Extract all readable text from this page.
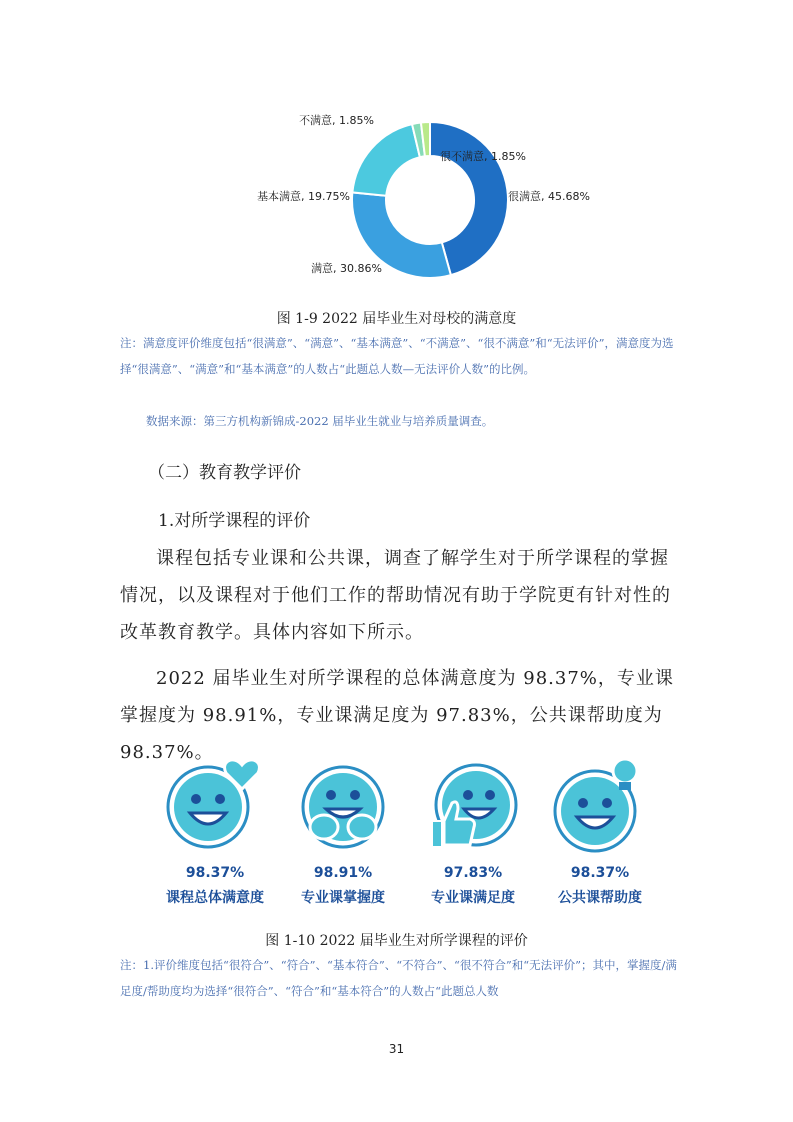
很满意, 45.68%
满意, 30.86%
基本满意, 19.75%
不满意, 1.85%
很不满意, 1.85%
图 1-9 2022 届毕业生对母校的满意度
注：满意度评价维度包括“很满意”、“满意”、“基本满意”、“不满意”、“很不满意”和“无法评价”，满意度为选择“很满意”、“满意”和“基本满意”的人数占“此题总人数—无法评价人数”的比例。
数据来源：第三方机构新锦成-2022 届毕业生就业与培养质量调查。
（二）教育教学评价
1.对所学课程的评价
课程包括专业课和公共课，调查了解学生对于所学课程的掌握情况，以及课程对于他们工作的帮助情况有助于学院更有针对性的改革教育教学。具体内容如下所示。
2022 届毕业生对所学课程的总体满意度为 98.37%，专业课掌握度为 98.91%，专业课满足度为 97.83%，公共课帮助度为 98.37%。
98.37%
课程总体满意度
98.91%
专业课掌握度
97.83%
专业课满足度
98.37%
公共课帮助度
图 1-10 2022 届毕业生对所学课程的评价
注：1.评价维度包括“很符合”、“符合”、“基本符合”、“不符合”、“很不符合”和“无法评价”；其中，掌握度/满足度/帮助度均为选择“很符合”、“符合”和“基本符合”的人数占“此题总人数
31
